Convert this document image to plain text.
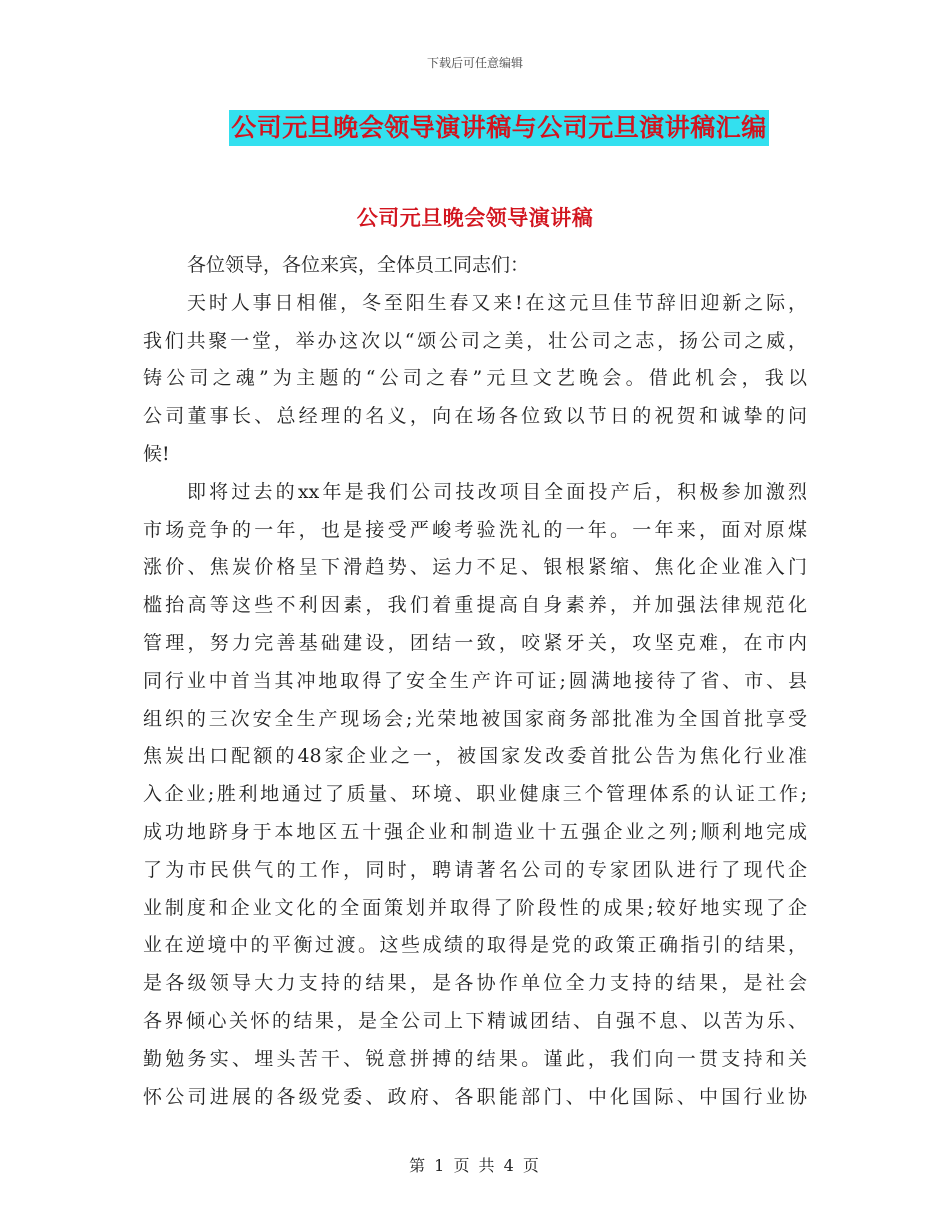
下载后可任意编辑
公司元旦晚会领导演讲稿与公司元旦演讲稿汇编
公司元旦晚会领导演讲稿
各位领导，各位来宾，全体员工同志们：
天时人事日相催，冬至阳生春又来!在这元旦佳节辞旧迎新之际，
我们共聚一堂，举办这次以“颂公司之美，壮公司之志，扬公司之威，
铸公司之魂”为主题的“公司之春”元旦文艺晚会。借此机会，我以
公司董事长、总经理的名义，向在场各位致以节日的祝贺和诚挚的问
候!
即将过去的xx年是我们公司技改项目全面投产后，积极参加激烈
市场竞争的一年，也是接受严峻考验洗礼的一年。一年来，面对原煤
涨价、焦炭价格呈下滑趋势、运力不足、银根紧缩、焦化企业准入门
槛抬高等这些不利因素，我们着重提高自身素养，并加强法律规范化
管理，努力完善基础建设，团结一致，咬紧牙关，攻坚克难，在市内
同行业中首当其冲地取得了安全生产许可证;圆满地接待了省、市、县
组织的三次安全生产现场会;光荣地被国家商务部批准为全国首批享受
焦炭出口配额的48家企业之一，被国家发改委首批公告为焦化行业准
入企业;胜利地通过了质量、环境、职业健康三个管理体系的认证工作;
成功地跻身于本地区五十强企业和制造业十五强企业之列;顺利地完成
了为市民供气的工作，同时，聘请著名公司的专家团队进行了现代企
业制度和企业文化的全面策划并取得了阶段性的成果;较好地实现了企
业在逆境中的平衡过渡。这些成绩的取得是党的政策正确指引的结果，
是各级领导大力支持的结果，是各协作单位全力支持的结果，是社会
各界倾心关怀的结果，是全公司上下精诚团结、自强不息、以苦为乐、
勤勉务实、埋头苦干、锐意拼搏的结果。谨此，我们向一贯支持和关
怀公司进展的各级党委、政府、各职能部门、中化国际、中国行业协
第 1 页 共 4 页
